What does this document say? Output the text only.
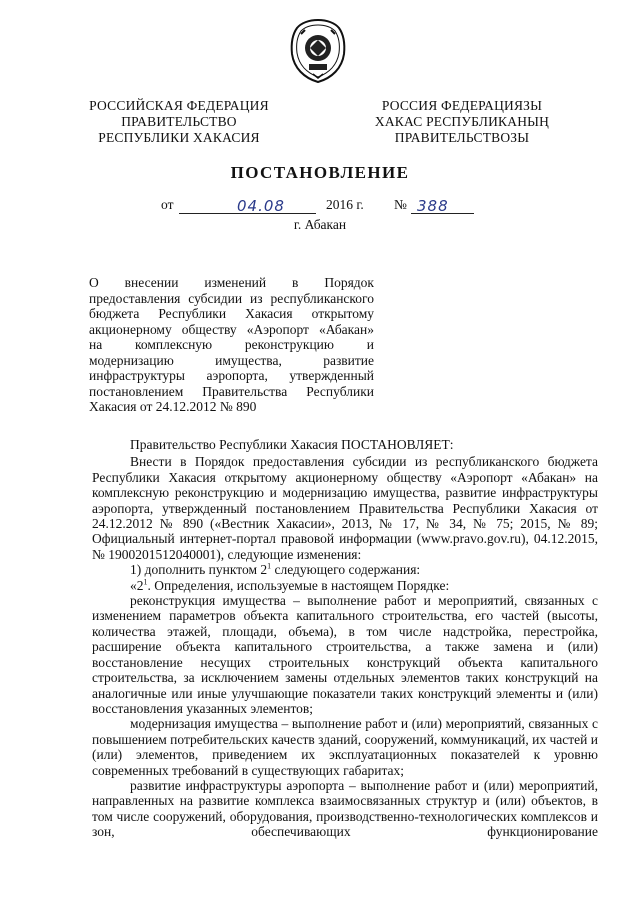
РОССИЙСКАЯ ФЕДЕРАЦИЯ
ПРАВИТЕЛЬСТВО
РЕСПУБЛИКИ ХАКАСИЯ
РОССИЯ ФЕДЕРАЦИЯЗЫ
ХАКАС РЕСПУБЛИКАНЫҢ
ПРАВИТЕЛЬСТВОЗЫ
ПОСТАНОВЛЕНИЕ
от	04.08	2016 г. № 388
г. Абакан
О внесении изменений в Порядок
предоставления субсидии из республиканского
бюджета Республики Хакасия открытому
акционерному обществу «Аэропорт «Абакан»
на комплексную реконструкцию и
модернизацию имущества, развитие
инфраструктуры аэропорта, утвержденный
постановлением Правительства Республики
Хакасия от 24.12.2012 № 890

Правительство Республики Хакасия ПОСТАНОВЛЯЕТ:

Внести в Порядок предоставления субсидии из республиканского бюджета Республики Хакасия открытому акционерному обществу «Аэропорт «Абакан» на комплексную реконструкцию и модернизацию имущества, развитие инфраструктуры аэропорта, утвержденный постановлением Правительства Республики Хакасия от 24.12.2012 № 890 («Вестник Хакасии», 2013, № 17, № 34, № 75; 2015, № 89; Официальный интернет-портал правовой информации (www.pravo.gov.ru), 04.12.2015, № 1900201512040001), следующие изменения:

1) дополнить пунктом $2^1$ следующего содержания:

«$2^1$. Определения, используемые в настоящем Порядке:

реконструкция имущества – выполнение работ и мероприятий, связанных с изменением параметров объекта капитального строительства, его частей (высоты, количества этажей, площади, объема), в том числе надстройка, перестройка, расширение объекта капитального строительства, а также замена и (или) восстановление несущих строительных конструкций объекта капитального строительства, за исключением замены отдельных элементов таких конструкций на аналогичные или иные улучшающие показатели таких конструкций элементы и (или) восстановления указанных элементов;

модернизация имущества – выполнение работ и (или) мероприятий, связанных с повышением потребительских качеств зданий, сооружений, коммуникаций, их частей и (или) элементов, приведением их эксплуатационных показателей к уровню современных требований в существующих габаритах;

развитие инфраструктуры аэропорта – выполнение работ и (или) мероприятий, направленных на развитие комплекса взаимосвязанных структур и (или) объектов, в том числе сооружений, оборудования, производственно-технологических комплексов и зон, обеспечивающих функционирование
